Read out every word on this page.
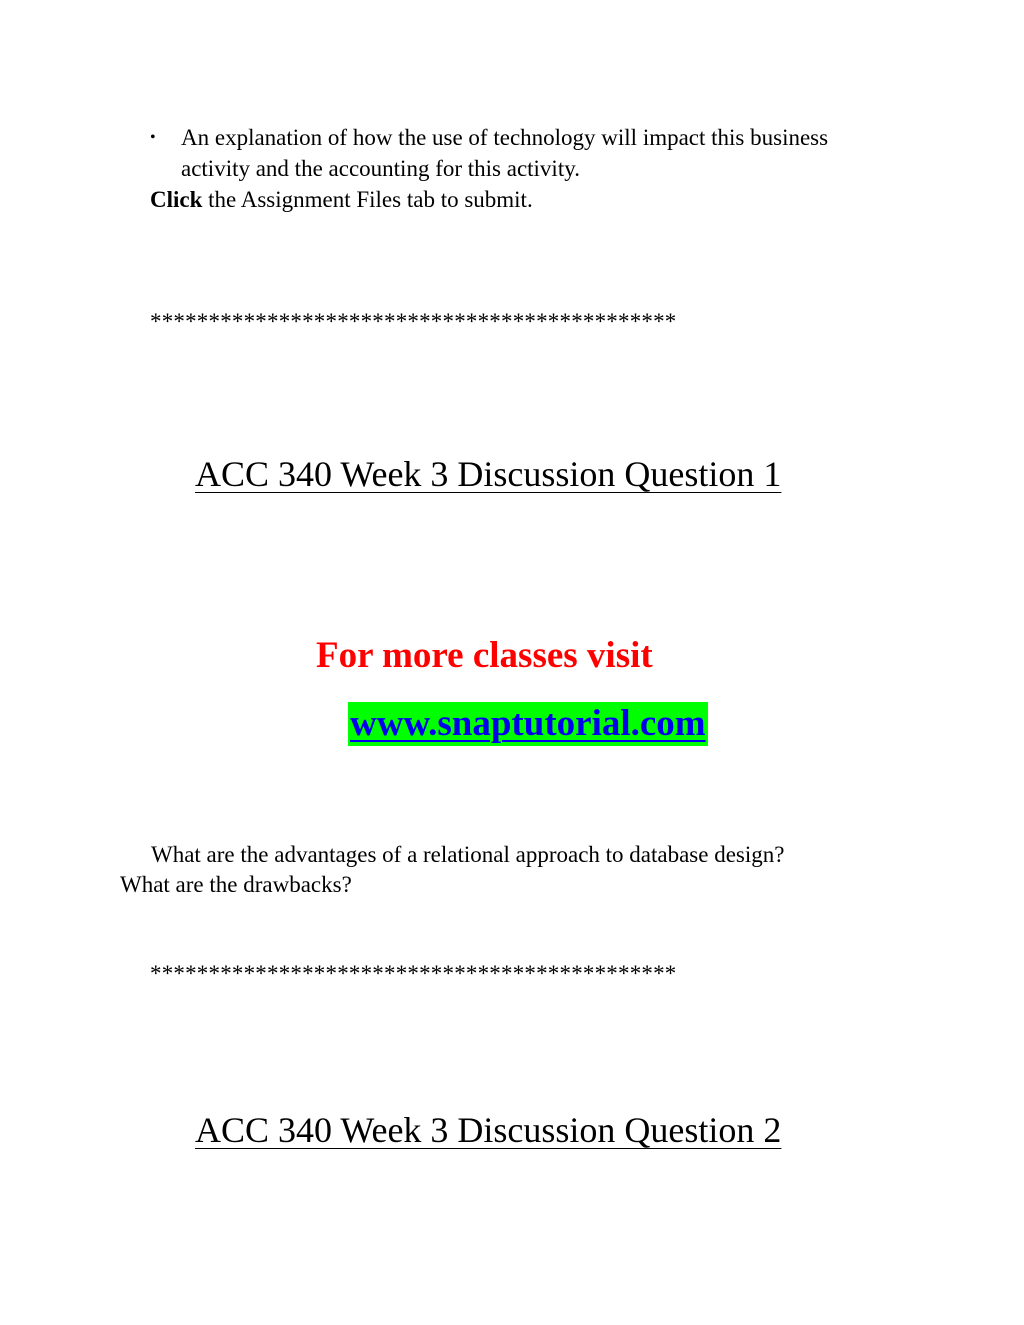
• An explanation of how the use of technology will impact this business activity and the accounting for this activity.
Click the Assignment Files tab to submit.
*********************************************
ACC 340 Week 3 Discussion Question 1
For more classes visit
www.snaptutorial.com
What are the advantages of a relational approach to database design?
What are the drawbacks?
*********************************************
ACC 340 Week 3 Discussion Question 2
